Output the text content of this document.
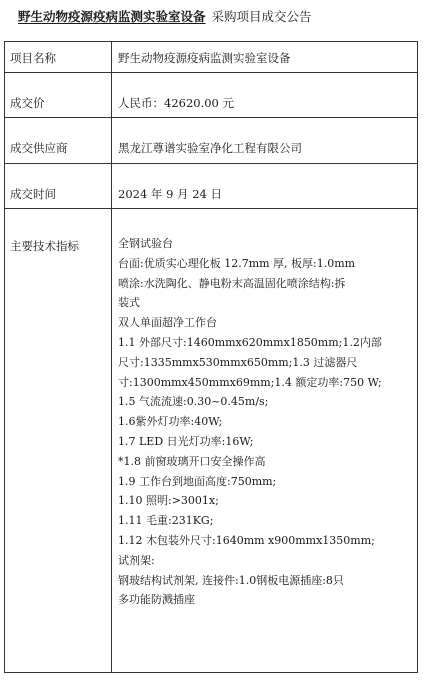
野生动物疫源疫病监测实验室设备 采购项目成交公告
项目名称	野生动物疫源疫病监测实验室设备
成交价	人民币：42620.00 元
成交供应商	黑龙江尊谱实验室净化工程有限公司
成交时间	2024 年 9 月 24 日
主要技术指标	全钢试验台
台面:优质实心理化板 12.7mm 厚, 板厚:1.0mm
喷涂:水洗陶化、静电粉末高温固化喷涂结构:拆
装式
双人单面超净工作台
1.1 外部尺寸:1460mmx620mmx1850mm;1.2内部
尺寸:1335mmx530mmx650mm;1.3 过滤器尺
寸:1300mmx450mmx69mm;1.4 额定功率:750 W;
1.5 气流流速:0.30~0.45m/s;
1.6紫外灯功率:40W;
1.7 LED 日光灯功率:16W;
*1.8 前窗玻璃开口安全操作高
1.9 工作台到地面高度:750mm;
1.10 照明:>3001x;
1.11 毛重:231KG;
1.12 木包装外尺寸:1640mm x900mmx1350mm;
试剂架:
钢玻结构试剂架, 连接件:1.0钢板电源插座:8只
多功能防溅插座
